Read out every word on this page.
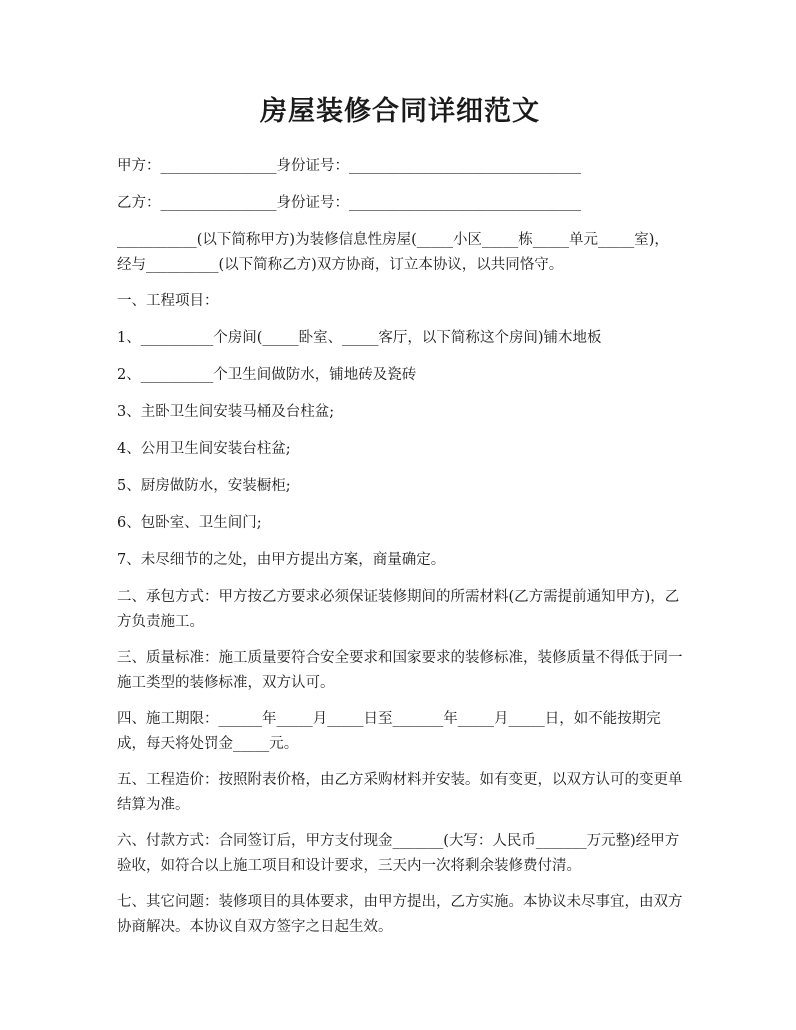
房屋装修合同详细范文

甲方：________________身份证号：________________________________

乙方：________________身份证号：________________________________

___________(以下简称甲方)为装修信息性房屋(_____小区_____栋_____单元_____室)，经与__________(以下简称乙方)双方协商，订立本协议，以共同恪守。

一、工程项目：

1、__________个房间(_____卧室、_____客厅，以下简称这个房间)铺木地板

2、__________个卫生间做防水，铺地砖及瓷砖

3、主卧卫生间安装马桶及台柱盆;

4、公用卫生间安装台柱盆;

5、厨房做防水，安装橱柜;

6、包卧室、卫生间门;

7、未尽细节的之处，由甲方提出方案，商量确定。

二、承包方式：甲方按乙方要求必须保证装修期间的所需材料(乙方需提前通知甲方)，乙方负责施工。

三、质量标准：施工质量要符合安全要求和国家要求的装修标准，装修质量不得低于同一施工类型的装修标准，双方认可。

四、施工期限：______年_____月_____日至_______年_____月_____日，如不能按期完成，每天将处罚金_____元。

五、工程造价：按照附表价格，由乙方采购材料并安装。如有变更，以双方认可的变更单结算为准。

六、付款方式：合同签订后，甲方支付现金_______(大写：人民币_______万元整)经甲方验收，如符合以上施工项目和设计要求，三天内一次将剩余装修费付清。

七、其它问题：装修项目的具体要求，由甲方提出，乙方实施。本协议未尽事宜，由双方协商解决。本协议自双方签字之日起生效。
